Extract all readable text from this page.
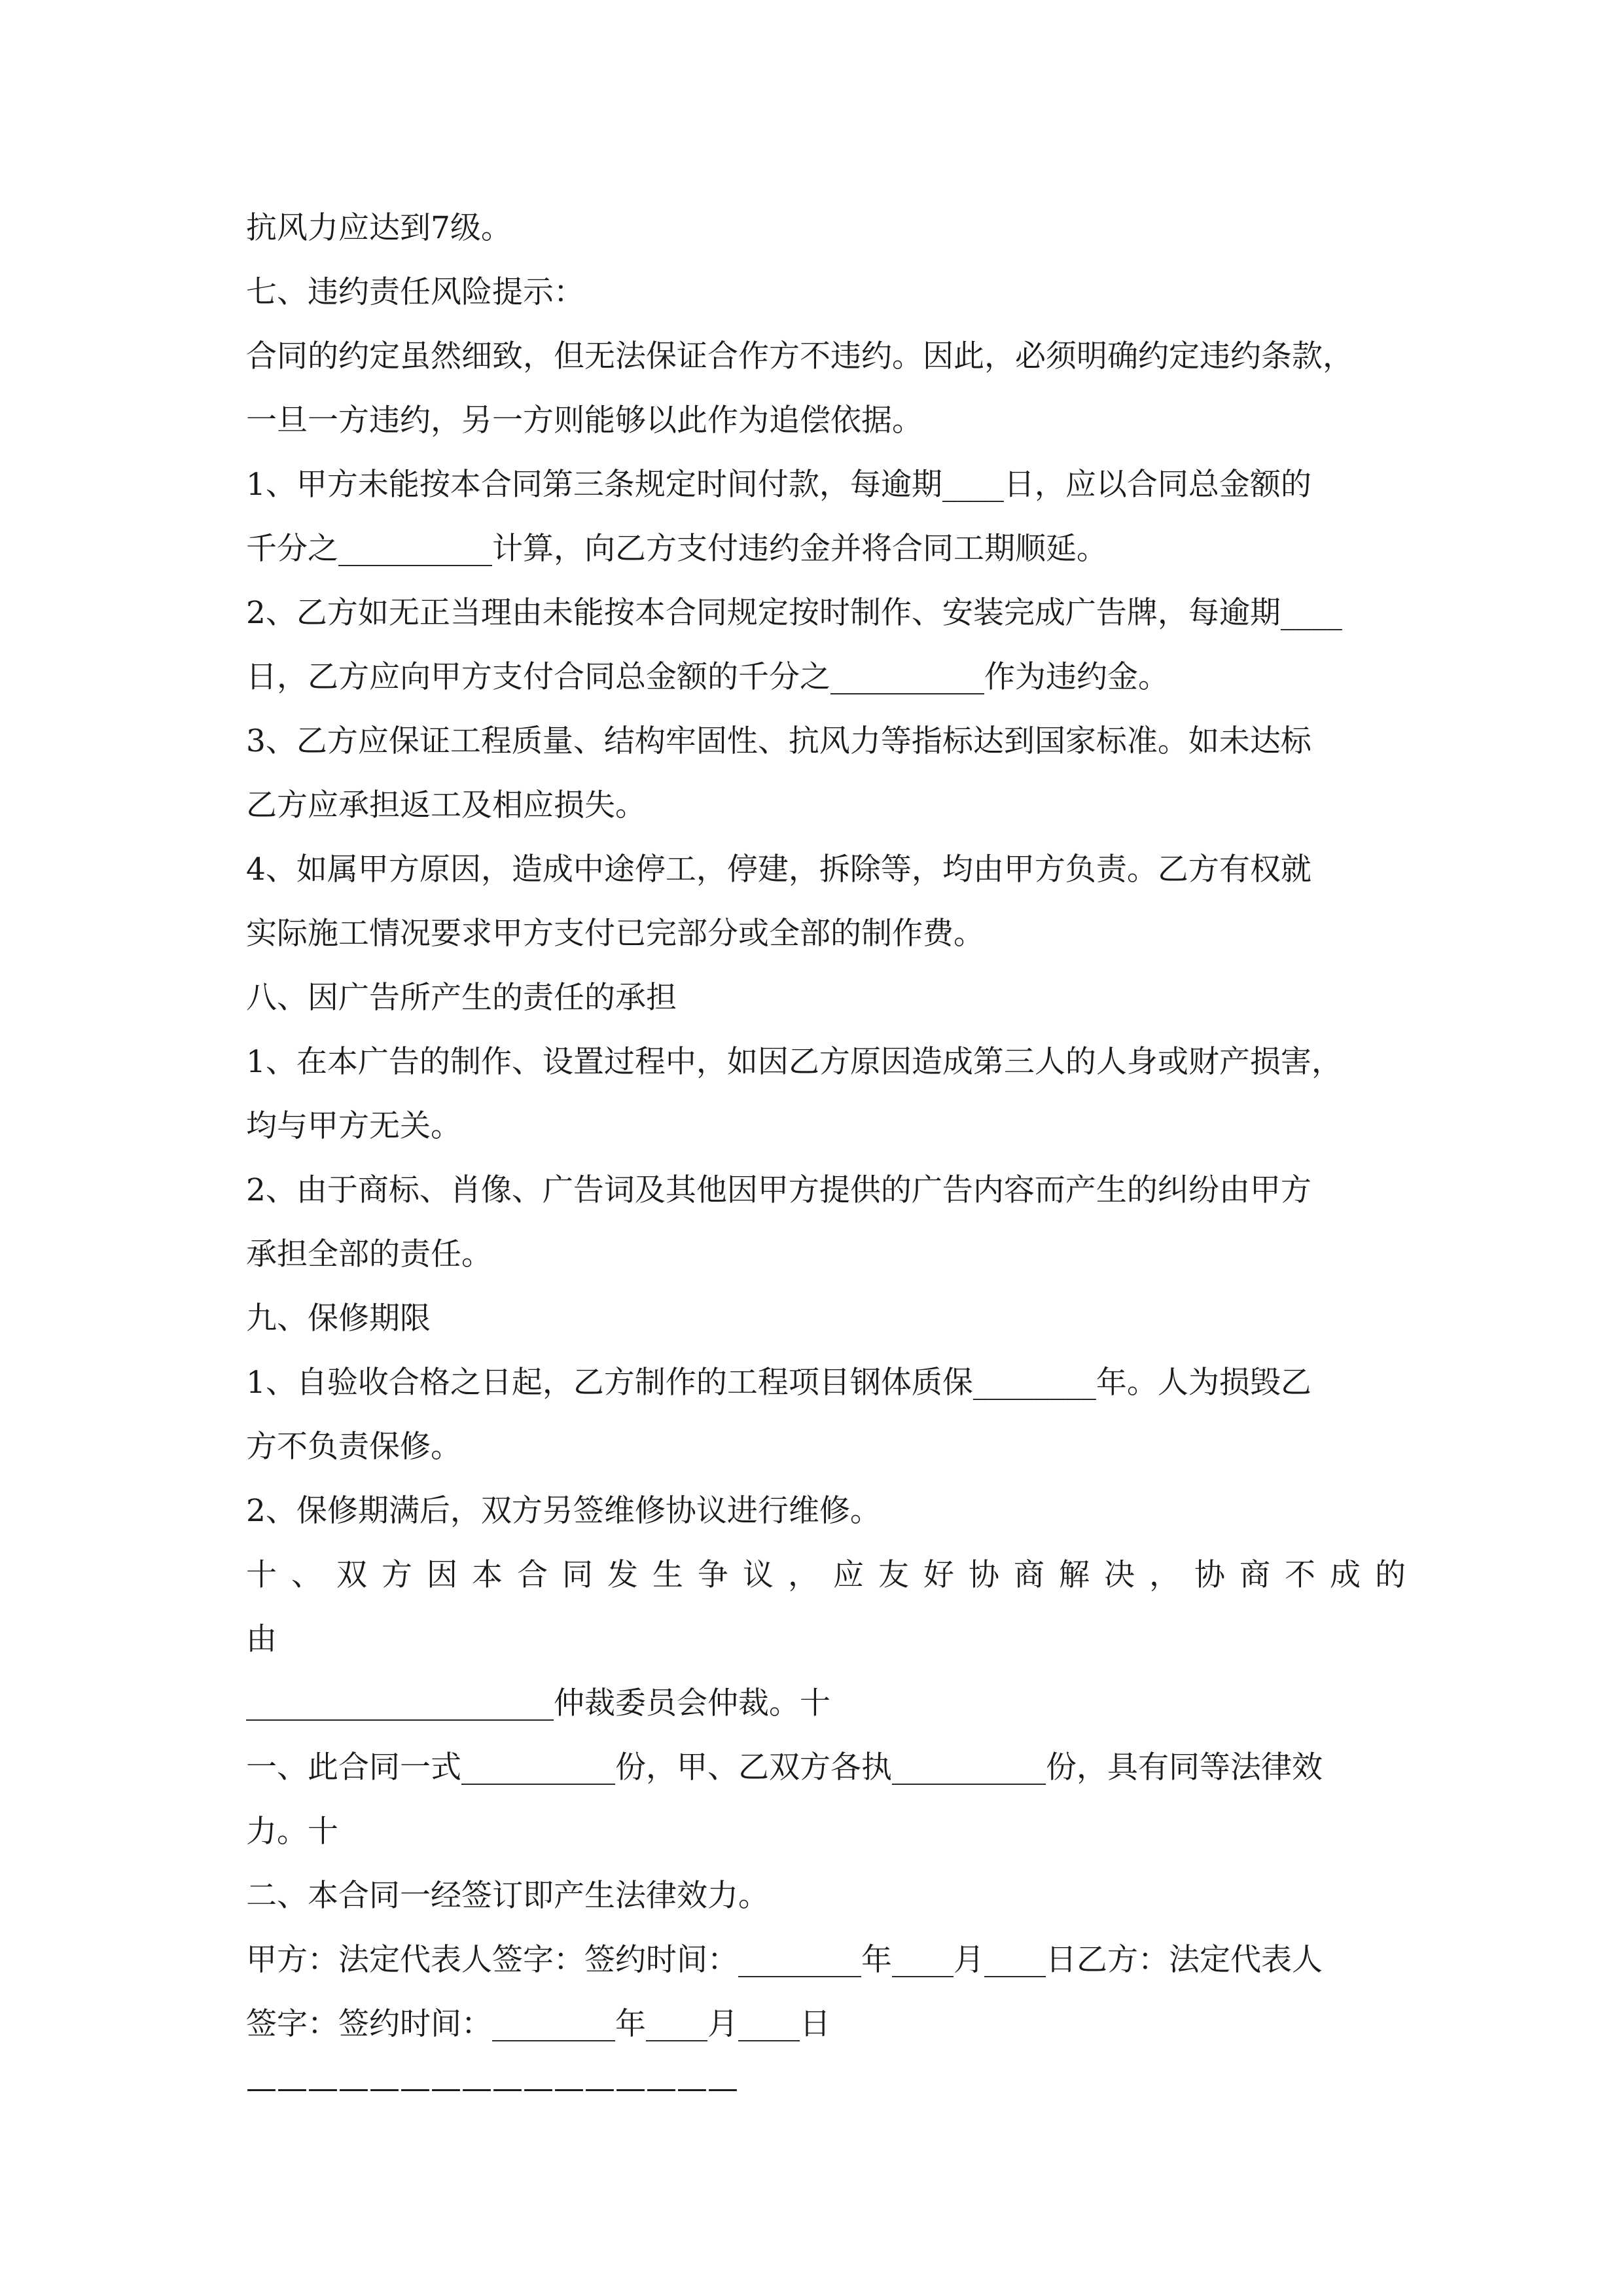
抗风力应达到7级。

七、违约责任风险提示：

合同的约定虽然细致，但无法保证合作方不违约。因此，必须明确约定违约条款，

一旦一方违约，另一方则能够以此作为追偿依据。

1、甲方未能按本合同第三条规定时间付款，每逾期____日，应以合同总金额的

千分之__________计算，向乙方支付违约金并将合同工期顺延。

2、乙方如无正当理由未能按本合同规定按时制作、安装完成广告牌，每逾期____

日，乙方应向甲方支付合同总金额的千分之__________作为违约金。

3、乙方应保证工程质量、结构牢固性、抗风力等指标达到国家标准。如未达标

乙方应承担返工及相应损失。

4、如属甲方原因，造成中途停工，停建，拆除等，均由甲方负责。乙方有权就

实际施工情况要求甲方支付已完部分或全部的制作费。

八、因广告所产生的责任的承担

1、在本广告的制作、设置过程中，如因乙方原因造成第三人的人身或财产损害，

均与甲方无关。

2、由于商标、肖像、广告词及其他因甲方提供的广告内容而产生的纠纷由甲方

承担全部的责任。

九、保修期限

1、自验收合格之日起，乙方制作的工程项目钢体质保________年。人为损毁乙

方不负责保修。

2、保修期满后，双方另签维修协议进行维修。

十、双方因本合同发生争议，应友好协商解决，协商不成的由

____________________仲裁委员会仲裁。十

一、此合同一式__________份，甲、乙双方各执__________份，具有同等法律效

力。十

二、本合同一经签订即产生法律效力。

甲方：法定代表人签字：签约时间：________年____月____日乙方：法定代表人

签字：签约时间：________年____月____日

————————————————
